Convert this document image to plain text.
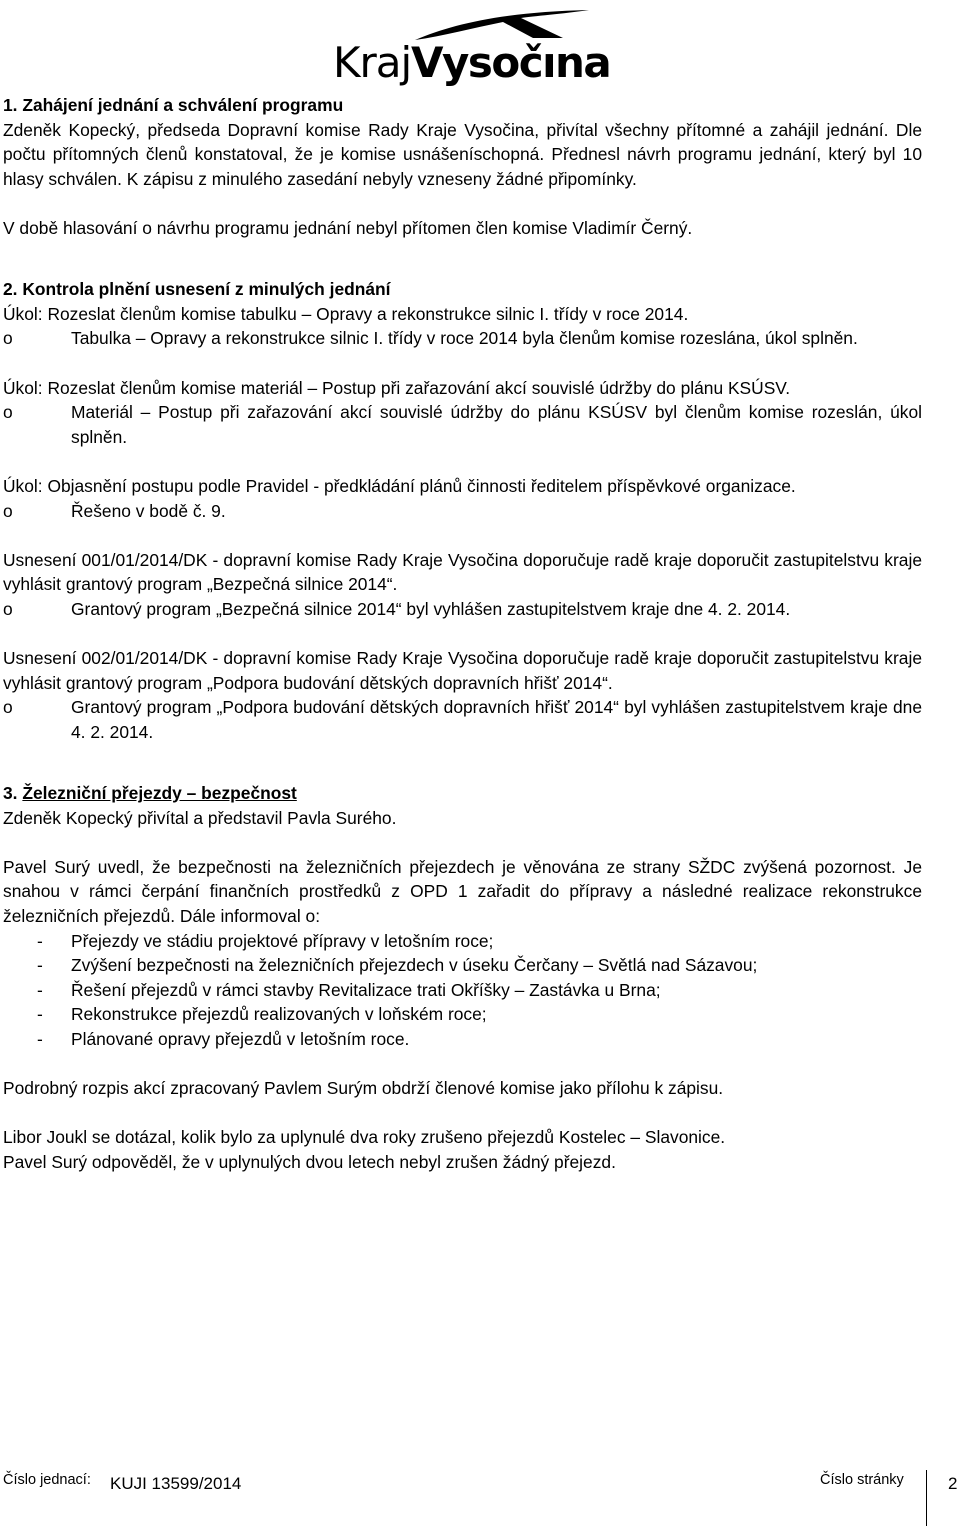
Kraj Vysočına

1. Zahájení jednání a schválení programu

Zdeněk Kopecký, předseda Dopravní komise Rady Kraje Vysočina, přivítal všechny přítomné a zahájil jednání. Dle počtu přítomných členů konstatoval, že je komise usnášeníschopná. Přednesl návrh programu jednání, který byl 10 hlasy schválen. K zápisu z minulého zasedání nebyly vzneseny žádné připomínky.

V době hlasování o návrhu programu jednání nebyl přítomen člen komise Vladimír Černý.

2. Kontrola plnění usnesení z minulých jednání

Úkol: Rozeslat členům komise tabulku – Opravy a rekonstrukce silnic I. třídy v roce 2014.

o	Tabulka – Opravy a rekonstrukce silnic I. třídy v roce 2014 byla členům komise rozeslána, úkol splněn.

Úkol: Rozeslat členům komise materiál – Postup při zařazování akcí souvislé údržby do plánu KSÚSV.

o	Materiál – Postup při zařazování akcí souvislé údržby do plánu KSÚSV byl členům komise rozeslán, úkol splněn.

Úkol: Objasnění postupu podle Pravidel - předkládání plánů činnosti ředitelem příspěvkové organizace.

o	Řešeno v bodě č. 9.

Usnesení 001/01/2014/DK - dopravní komise Rady Kraje Vysočina doporučuje radě kraje doporučit zastupitelstvu kraje vyhlásit grantový program „Bezpečná silnice 2014“.

o	Grantový program „Bezpečná silnice 2014“ byl vyhlášen zastupitelstvem kraje dne 4. 2. 2014.

Usnesení 002/01/2014/DK - dopravní komise Rady Kraje Vysočina doporučuje radě kraje doporučit zastupitelstvu kraje vyhlásit grantový program „Podpora budování dětských dopravních hřišť 2014“.

o	Grantový program „Podpora budování dětských dopravních hřišť 2014“ byl vyhlášen zastupitelstvem kraje dne 4. 2. 2014.

3. Železniční přejezdy – bezpečnost

Zdeněk Kopecký přivítal a představil Pavla Surého.

Pavel Surý uvedl, že bezpečnosti na železničních přejezdech je věnována ze strany SŽDC zvýšená pozornost. Je snahou v rámci čerpání finančních prostředků z OPD 1 zařadit do přípravy a následné realizace rekonstrukce železničních přejezdů. Dále informoval o:

-	Přejezdy ve stádiu projektové přípravy v letošním roce;
-	Zvýšení bezpečnosti na železničních přejezdech v úseku Čerčany – Světlá nad Sázavou;
-	Řešení přejezdů v rámci stavby Revitalizace trati Okříšky – Zastávka u Brna;
-	Rekonstrukce přejezdů realizovaných v loňském roce;
-	Plánované opravy přejezdů v letošním roce.

Podrobný rozpis akcí zpracovaný Pavlem Surým obdrží členové komise jako přílohu k zápisu.

Libor Joukl se dotázal, kolik bylo za uplynulé dva roky zrušeno přejezdů Kostelec – Slavonice.

Pavel Surý odpověděl, že v uplynulých dvou letech nebyl zrušen žádný přejezd.

Číslo jednací: KUJI 13599/2014	Číslo stránky	2
